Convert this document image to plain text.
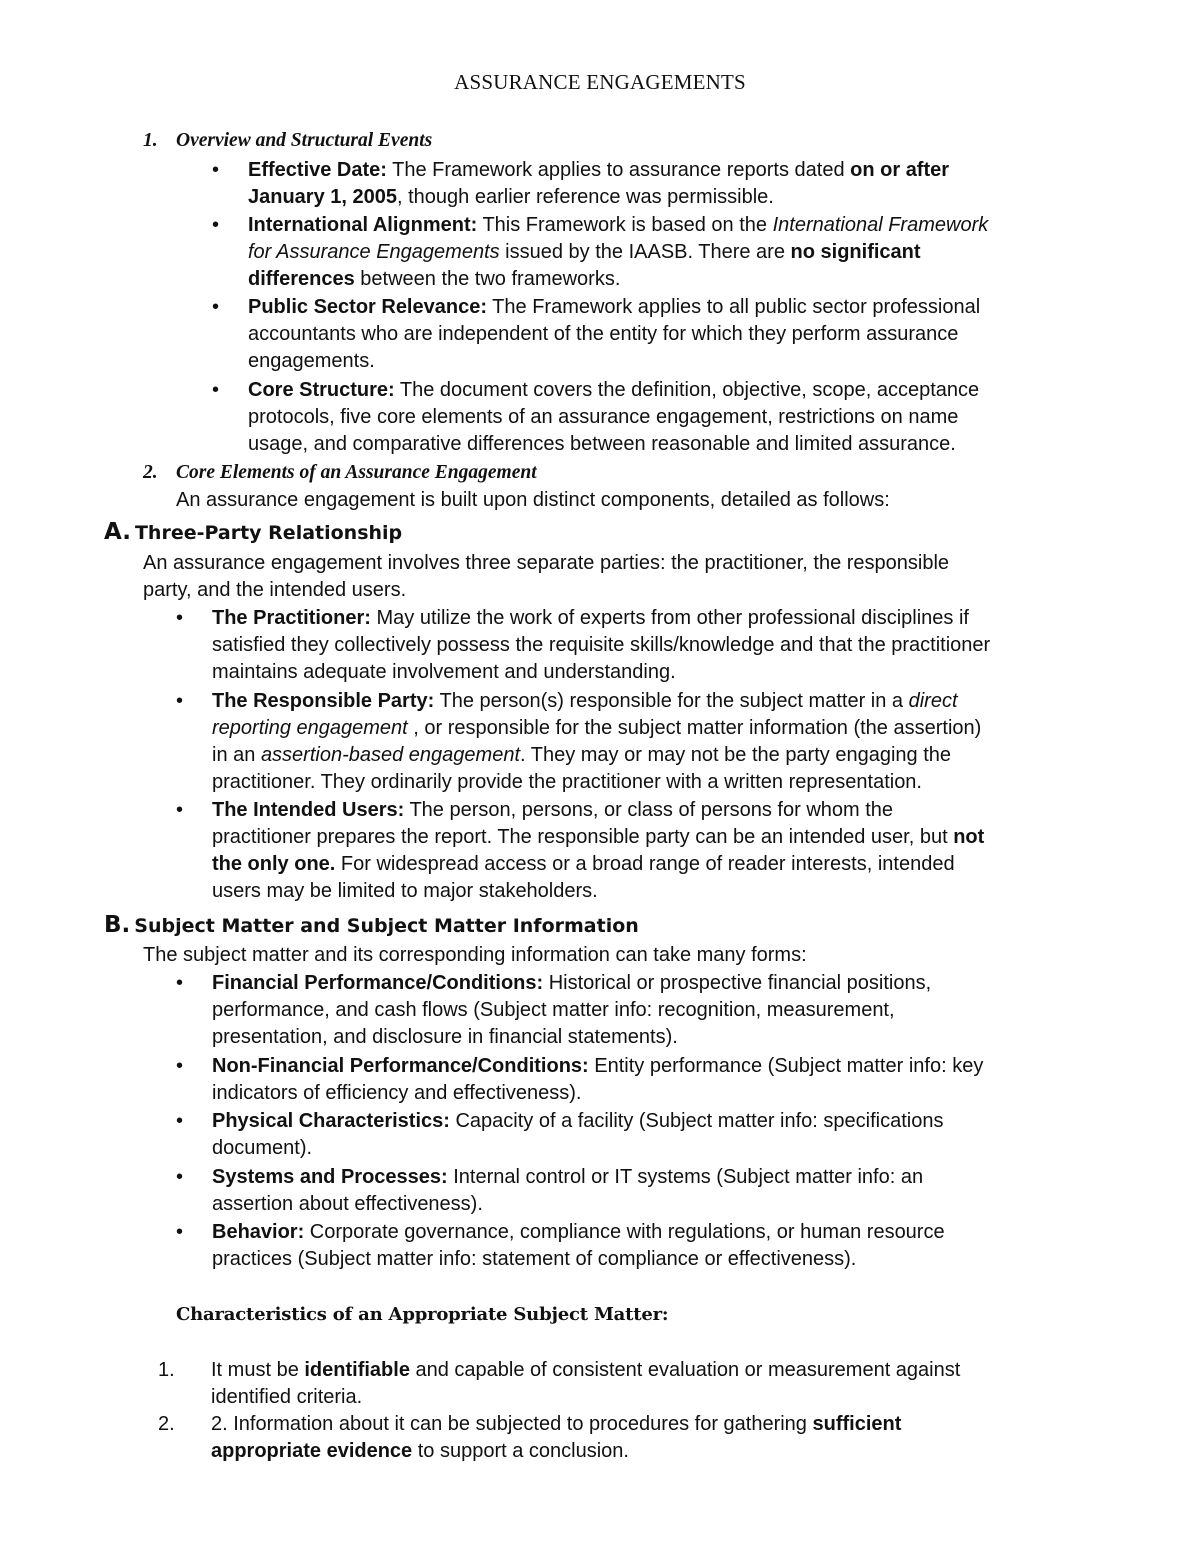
ASSURANCE ENGAGEMENTS
1. Overview and Structural Events
•	Effective Date: The Framework applies to assurance reports dated on or after
January 1, 2005, though earlier reference was permissible.
•	International Alignment: This Framework is based on the International Framework
for Assurance Engagements issued by the IAASB. There are no significant
differences between the two frameworks.
•	Public Sector Relevance: The Framework applies to all public sector professional
accountants who are independent of the entity for which they perform assurance
engagements.
•	Core Structure: The document covers the definition, objective, scope, acceptance
protocols, five core elements of an assurance engagement, restrictions on name
usage, and comparative differences between reasonable and limited assurance.
2. Core Elements of an Assurance Engagement
An assurance engagement is built upon distinct components, detailed as follows:
A. Three-Party Relationship
An assurance engagement involves three separate parties: the practitioner, the responsible
party, and the intended users.
•	The Practitioner: May utilize the work of experts from other professional disciplines if
satisfied they collectively possess the requisite skills/knowledge and that the practitioner
maintains adequate involvement and understanding.
•	The Responsible Party: The person(s) responsible for the subject matter in a direct
reporting engagement , or responsible for the subject matter information (the assertion)
in an assertion-based engagement. They may or may not be the party engaging the
practitioner. They ordinarily provide the practitioner with a written representation.
•	The Intended Users: The person, persons, or class of persons for whom the
practitioner prepares the report. The responsible party can be an intended user, but not
the only one. For widespread access or a broad range of reader interests, intended
users may be limited to major stakeholders.
B. Subject Matter and Subject Matter Information
The subject matter and its corresponding information can take many forms:
•	Financial Performance/Conditions: Historical or prospective financial positions,
performance, and cash flows (Subject matter info: recognition, measurement,
presentation, and disclosure in financial statements).
•	Non-Financial Performance/Conditions: Entity performance (Subject matter info: key
indicators of efficiency and effectiveness).
•	Physical Characteristics: Capacity of a facility (Subject matter info: specifications
document).
•	Systems and Processes: Internal control or IT systems (Subject matter info: an
assertion about effectiveness).
•	Behavior: Corporate governance, compliance with regulations, or human resource
practices (Subject matter info: statement of compliance or effectiveness).
Characteristics of an Appropriate Subject Matter:
1. It must be identifiable and capable of consistent evaluation or measurement against
identified criteria.
2. 2. Information about it can be subjected to procedures for gathering sufficient
appropriate evidence to support a conclusion.
